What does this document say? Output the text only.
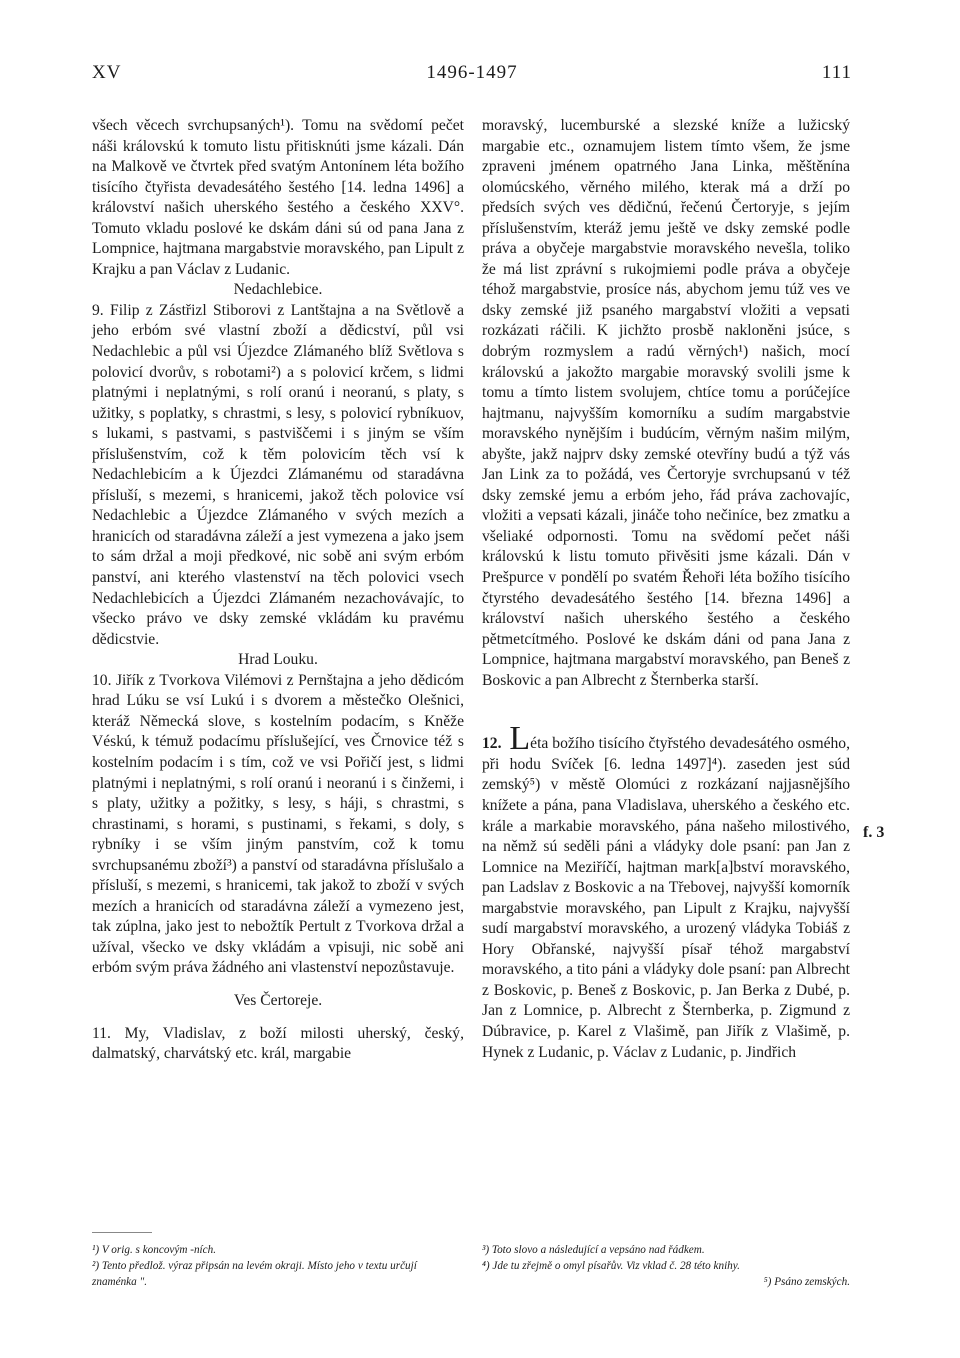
XV	1496-1497	111

všech věcech svrchupsaných¹). Tomu na svědomí pečet náši královskú k tomuto listu přitisknúti jsme kázali. Dán na Malkově ve čtvrtek před svatým Antonínem léta božího tisícího čtyřista devadesátého šestého [14. ledna 1496] a království našich uherského šestého a českého XXV°. Tomuto vkladu poslové ke dskám dáni sú od pana Jana z Lompnice, hajtmana margabstvie moravského, pan Lipult z Krajku a pan Václav z Ludanic.

Nedachlebice.

9. Filip z Zástřizl Stiborovi z Lantštajna a na Světlově a jeho erbóm své vlastní zboží a dědicství, půl vsi Nedachlebic a půl vsi Újezdce Zlámaného blíž Světlova s polovicí dvorův, s robotami²) a s polovicí krčem, s lidmi platnými i neplatnými, s rolí oranú i neoranú, s platy, s užitky, s poplatky, s chrastmi, s lesy, s polovicí rybníkuov, s lukami, s pastvami, s pastviščemi i s jiným se vším příslušenstvím, což k těm polovicím těch vsí k Nedachlebicím a k Újezdci Zlámanému od staradávna přísluší, s mezemi, s hranicemi, jakož těch polovice vsí Nedachlebic a Újezdce Zlámaného v svých mezích a hranicích od staradávna záleží a jest vymezena a jako jsem to sám držal a moji předkové, nic sobě ani svým erbóm panství, ani kterého vlastenství na těch polovici vsech Nedachlebicích a Újezdci Zlámaném nezachovávajíc, to všecko právo ve dsky zemské vkládám ku pravému dědicstvie.

Hrad Louku.

10. Jiřík z Tvorkova Vilémovi z Pernštajna a jeho dědicóm hrad Lúku se vsí Lukú i s dvorem a městečko Olešnici, kteráž Německá slove, s kostelním podacím, s Kněže Véskú, k témuž podacímu příslušející, ves Črnovice též s kostelním podacím i s tím, což ve vsi Pořičí jest, s lidmi platnými i neplatnými, s rolí oranú i neoranú i s činžemi, i s platy, užitky a požitky, s lesy, s háji, s chrastmi, s chrastinami, s horami, s pustinami, s řekami, s doly, s rybníky i se vším jiným panstvím, což k tomu svrchupsanému zboží³) a panství od staradávna příslušalo a přísluší, s mezemi, s hranicemi, tak jakož to zboží v svých mezích a hranicích od staradávna záleží a vymezeno jest, tak zúplna, jako jest to nebožtík Pertult z Tvorkova držal a užíval, všecko ve dsky vkládám a vpisuji, nic sobě ani erbóm svým práva žádného ani vlastenství nepozůstavuje.

Ves Čertoreje.

11. My, Vladislav, z boží milosti uherský, český, dalmatský, charvátský etc. král, margabie

moravský, lucemburské a slezské kníže a lužicský margabie etc., oznamujem listem tímto všem, že jsme zpraveni jménem opatrného Jana Linka, měštěnína olomúcského, věrného milého, kterak má a drží po předsích svých ves dědičnú, řečenú Čertoryje, s jejím příslušenstvím, kteráž jemu ještě ve dsky zemské podle práva a obyčeje margabstvie moravského nevešla, toliko že má list zprávní s rukojmiemi podle práva a obyčeje téhož margabstvie, prosíce nás, abychom jemu túž ves ve dsky zemské již psaného margabství vložiti a vepsati rozkázati ráčili. K jichžto prosbě nakloněni jsúce, s dobrým rozmyslem a radú věrných¹) našich, mocí královskú a jakožto margabie moravský svolili jsme k tomu a tímto listem svolujem, chtíce tomu a porúčejíce hajtmanu, najvyšším komorníku a sudím margabstvie moravského nynějším i budúcím, věrným našim milým, abyšte, jakž najprv dsky zemské otevříny budú a týž vás Jan Link za to požádá, ves Čertoryje svrchupsanú v též dsky zemské jemu a erbóm jeho, řád práva zachovajíc, vložiti a vepsati kázali, jináče toho nečiníce, bez zmatku a všeliaké odpornosti. Tomu na svědomí pečet náši královskú k listu tomuto přivěsiti jsme kázali. Dán v Prešpurce v pondělí po svatém Řehoři léta božího tisícího čtyrstého devadesátého šestého [14. března 1496] a království našich uherského šestého a českého pětmetcítmého. Poslové ke dskám dáni od pana Jana z Lompnice, hajtmana margabství moravského, pan Beneš z Boskovic a pan Albrecht z Šternberka starší.

12. Léta božího tisícího čtyřstého devadesátého osmého, při hodu Svíček [6. ledna 1497]⁴). zaseden jest súd zemský⁵) v městě Olomúci z rozkázaní najjasnějšího knížete a pána, pana Vladislava, uherského a českého etc. krále a markabie moravského, pána našeho milostivého, na němž sú seděli páni a vládyky dole psaní: pan Jan z Lomnice na Meziříčí, hajtman mark[a]bství moravského, pan Ladslav z Boskovic a na Třebovej, najvyšší komorník margabstvie moravského, pan Lipult z Krajku, najvyšší sudí margabství moravského, a urozený vládyka Tobiáš z Hory Obřanské, najvyšší písař téhož margabství moravského, a tito páni a vládyky dole psaní: pan Albrecht z Boskovic, p. Beneš z Boskovic, p. Jan Berka z Dubé, p. Jan z Lomnice, p. Albrecht z Šternberka, p. Zigmund z Dúbravice, p. Karel z Vlašimě, pan Jiřík z Vlašimě, p. Hynek z Ludanic, p. Václav z Ludanic, p. Jindřich

f. 3

¹) V orig. s koncovým -ních.

²) Tento předlož. výraz připsán na levém okraji. Místo jeho v textu určují znaménka ".

³) Toto slovo a následující a vepsáno nad řádkem.

⁴) Jde tu zřejmě o omyl písařův. Viz vklad č. 28 této knihy.

⁵) Psáno zemských.
